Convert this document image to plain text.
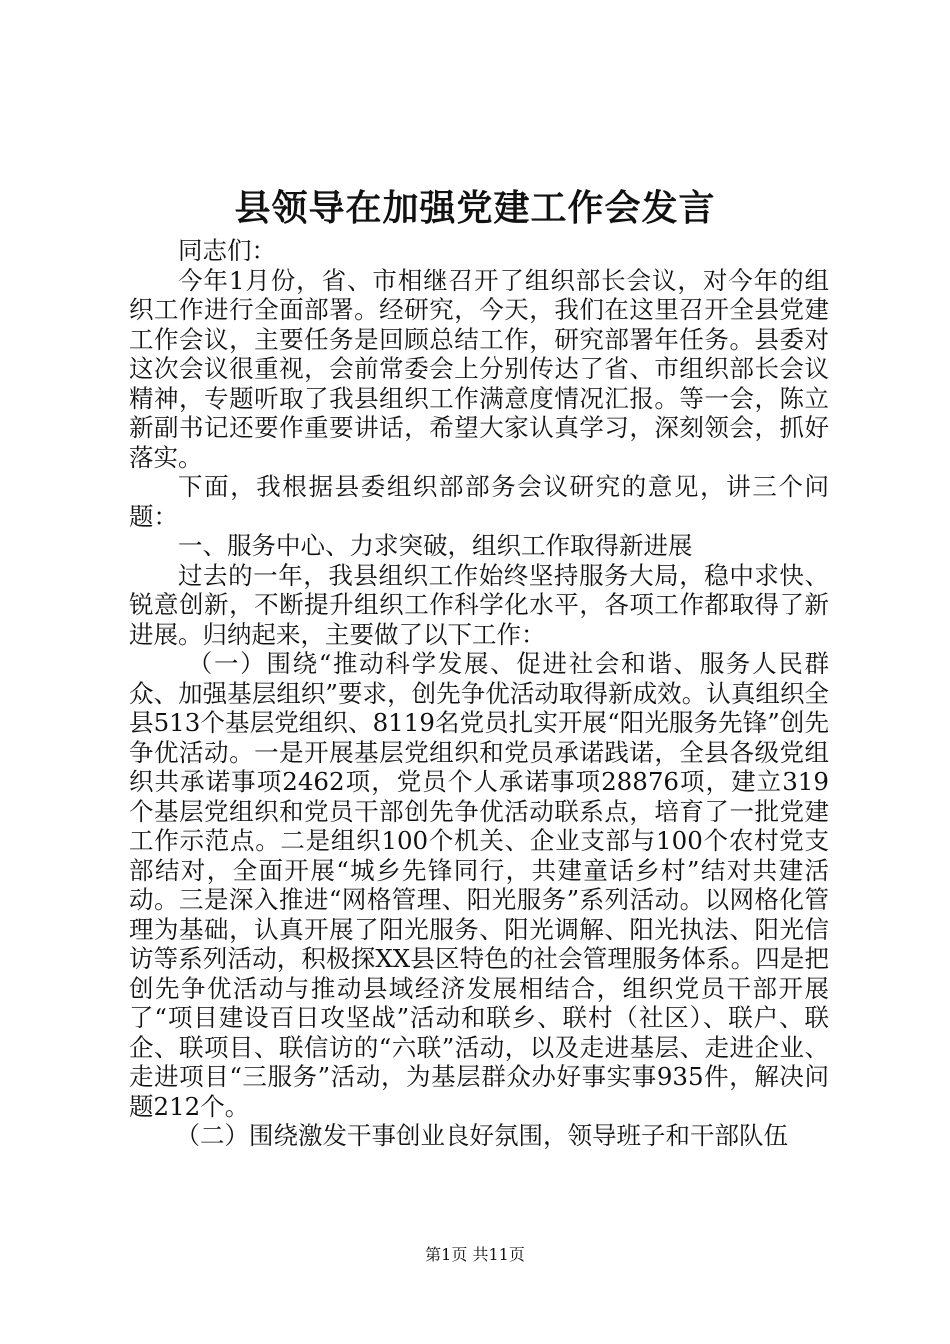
县领导在加强党建工作会发言

同志们：

今年1月份，省、市相继召开了组织部长会议，对今年的组织工作进行全面部署。经研究，今天，我们在这里召开全县党建工作会议，主要任务是回顾总结工作，研究部署年任务。县委对这次会议很重视，会前常委会上分别传达了省、市组织部长会议精神，专题听取了我县组织工作满意度情况汇报。等一会，陈立新副书记还要作重要讲话，希望大家认真学习，深刻领会，抓好落实。

下面，我根据县委组织部部务会议研究的意见，讲三个问题：

一、服务中心、力求突破，组织工作取得新进展

过去的一年，我县组织工作始终坚持服务大局，稳中求快、锐意创新，不断提升组织工作科学化水平，各项工作都取得了新进展。归纳起来，主要做了以下工作：

（一）围绕“推动科学发展、促进社会和谐、服务人民群众、加强基层组织”要求，创先争优活动取得新成效。认真组织全县513个基层党组织、8119名党员扎实开展“阳光服务先锋”创先争优活动。一是开展基层党组织和党员承诺践诺，全县各级党组织共承诺事项2462项，党员个人承诺事项28876项，建立319个基层党组织和党员干部创先争优活动联系点，培育了一批党建工作示范点。二是组织100个机关、企业支部与100个农村党支部结对，全面开展“城乡先锋同行，共建童话乡村”结对共建活动。三是深入推进“网格管理、阳光服务”系列活动。以网格化管理为基础，认真开展了阳光服务、阳光调解、阳光执法、阳光信访等系列活动，积极探XX县区特色的社会管理服务体系。四是把创先争优活动与推动县域经济发展相结合，组织党员干部开展了“项目建设百日攻坚战”活动和联乡、联村（社区）、联户、联企、联项目、联信访的“六联”活动，以及走进基层、走进企业、走进项目“三服务”活动，为基层群众办好事实事935件，解决问题212个。

（二）围绕激发干事创业良好氛围，领导班子和干部队伍

第1页 共11页
